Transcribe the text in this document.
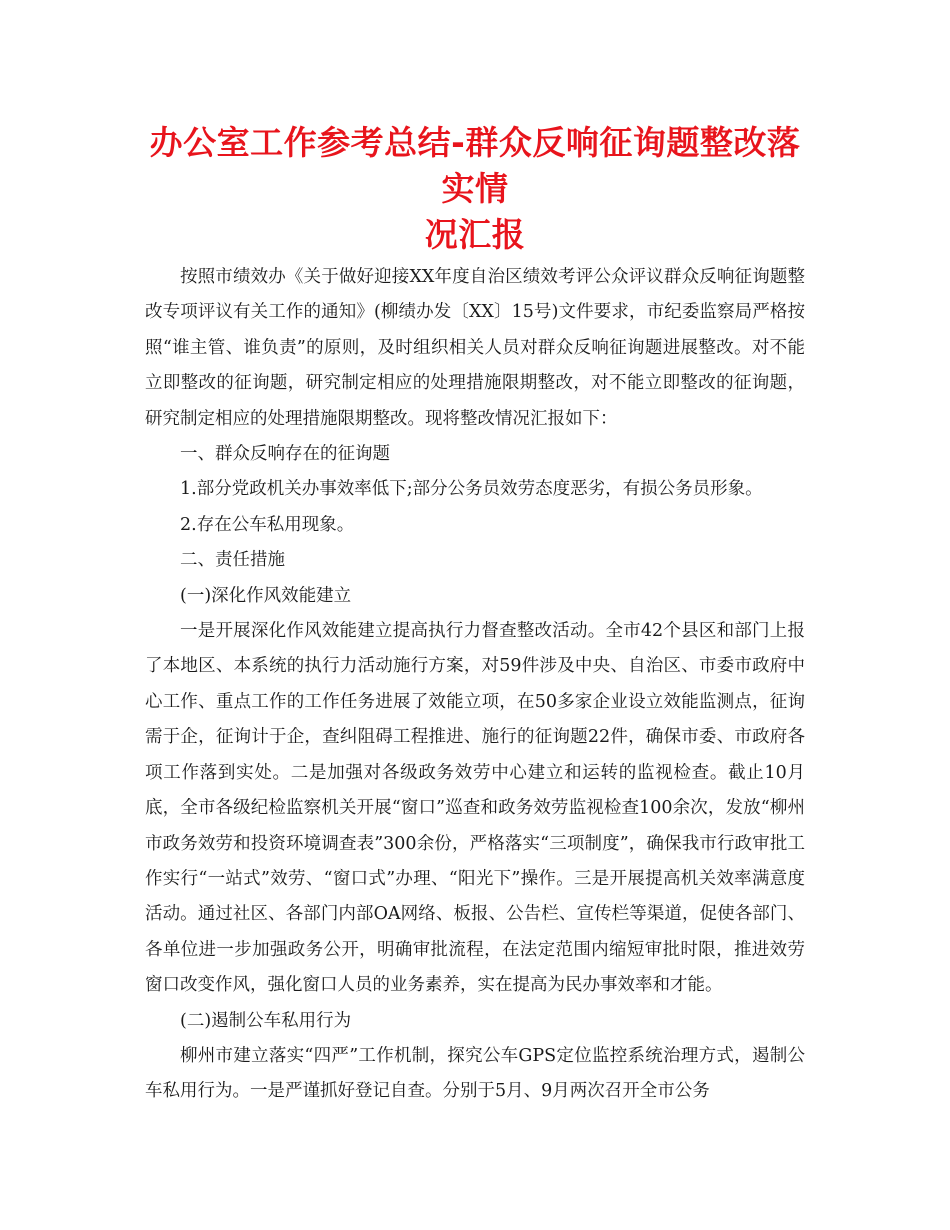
办公室工作参考总结-群众反响征询题整改落实情
况汇报

按照市绩效办《关于做好迎接XX年度自治区绩效考评公众评议群众反响征询题整改专项评议有关工作的通知》(柳绩办发〔XX〕15号)文件要求，市纪委监察局严格按照“谁主管、谁负责”的原则，及时组织相关人员对群众反响征询题进展整改。对不能立即整改的征询题，研究制定相应的处理措施限期整改，对不能立即整改的征询题，研究制定相应的处理措施限期整改。现将整改情况汇报如下：

一、群众反响存在的征询题

1.部分党政机关办事效率低下;部分公务员效劳态度恶劣，有损公务员形象。

2.存在公车私用现象。

二、责任措施

(一)深化作风效能建立

一是开展深化作风效能建立提高执行力督查整改活动。全市42个县区和部门上报了本地区、本系统的执行力活动施行方案，对59件涉及中央、自治区、市委市政府中心工作、重点工作的工作任务进展了效能立项，在50多家企业设立效能监测点，征询需于企，征询计于企，查纠阻碍工程推进、施行的征询题22件，确保市委、市政府各项工作落到实处。二是加强对各级政务效劳中心建立和运转的监视检查。截止10月底，全市各级纪检监察机关开展“窗口”巡查和政务效劳监视检查100余次，发放“柳州市政务效劳和投资环境调查表”300余份，严格落实“三项制度”，确保我市行政审批工作实行“一站式”效劳、“窗口式”办理、“阳光下”操作。三是开展提高机关效率满意度活动。通过社区、各部门内部OA网络、板报、公告栏、宣传栏等渠道，促使各部门、各单位进一步加强政务公开，明确审批流程，在法定范围内缩短审批时限，推进效劳窗口改变作风，强化窗口人员的业务素养，实在提高为民办事效率和才能。

(二)遏制公车私用行为

柳州市建立落实“四严”工作机制，探究公车GPS定位监控系统治理方式，遏制公车私用行为。一是严谨抓好登记自查。分别于5月、9月两次召开全市公务
